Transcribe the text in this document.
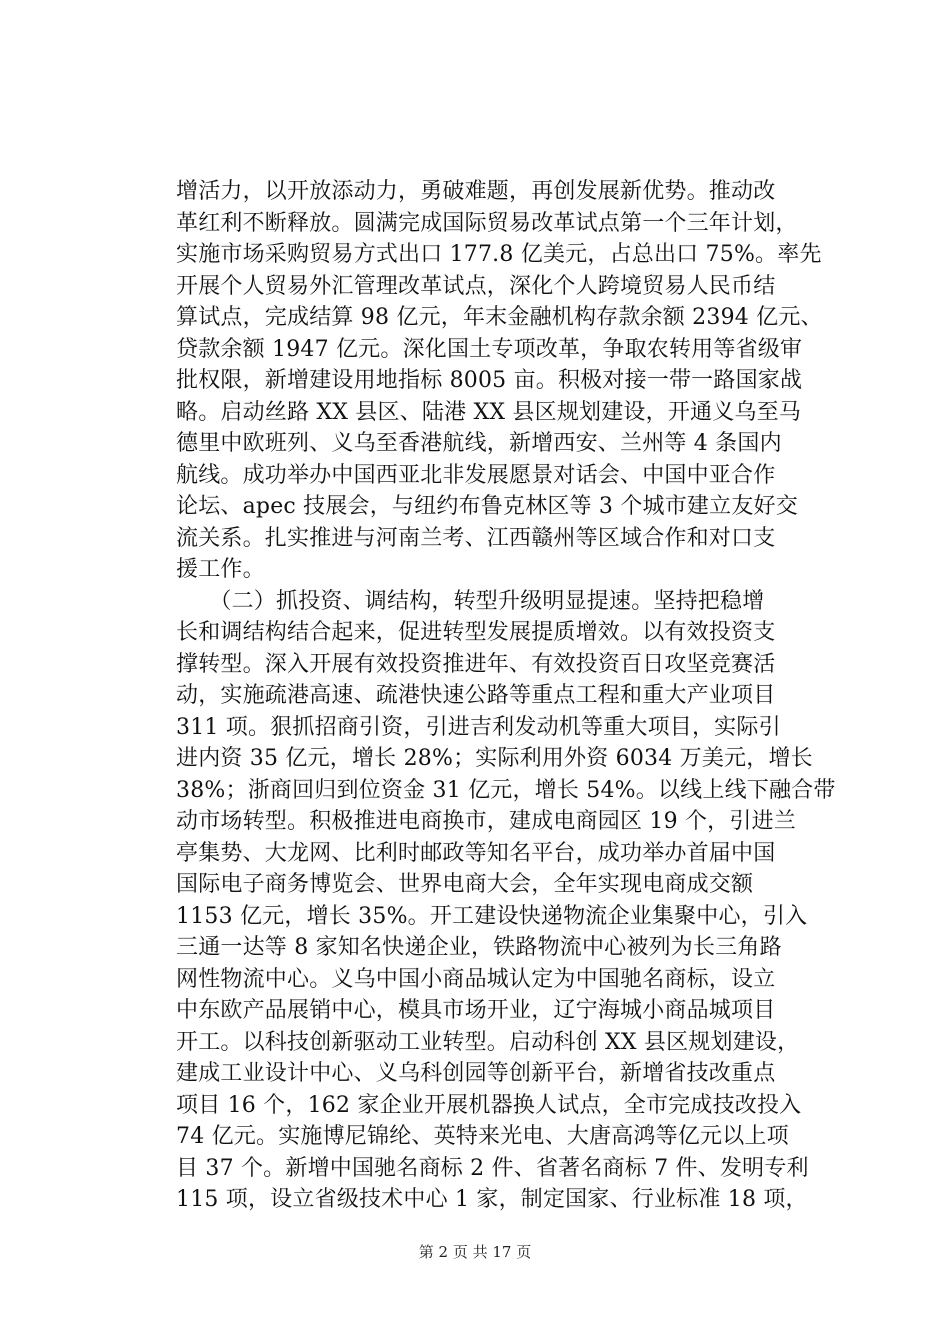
增活力，以开放添动力，勇破难题，再创发展新优势。推动改
革红利不断释放。圆满完成国际贸易改革试点第一个三年计划，
实施市场采购贸易方式出口 177.8 亿美元，占总出口 75%。率先
开展个人贸易外汇管理改革试点，深化个人跨境贸易人民币结
算试点，完成结算 98 亿元，年末金融机构存款余额 2394 亿元、
贷款余额 1947 亿元。深化国土专项改革，争取农转用等省级审
批权限，新增建设用地指标 8005 亩。积极对接一带一路国家战
略。启动丝路 XX 县区、陆港 XX 县区规划建设，开通义乌至马
德里中欧班列、义乌至香港航线，新增西安、兰州等 4 条国内
航线。成功举办中国西亚北非发展愿景对话会、中国中亚合作
论坛、apec 技展会，与纽约布鲁克林区等 3 个城市建立友好交
流关系。扎实推进与河南兰考、江西赣州等区域合作和对口支
援工作。
　　（二）抓投资、调结构，转型升级明显提速。坚持把稳增
长和调结构结合起来，促进转型发展提质增效。以有效投资支
撑转型。深入开展有效投资推进年、有效投资百日攻坚竞赛活
动，实施疏港高速、疏港快速公路等重点工程和重大产业项目
311 项。狠抓招商引资，引进吉利发动机等重大项目，实际引
进内资 35 亿元，增长 28%；实际利用外资 6034 万美元，增长
38%；浙商回归到位资金 31 亿元，增长 54%。以线上线下融合带
动市场转型。积极推进电商换市，建成电商园区 19 个，引进兰
亭集势、大龙网、比利时邮政等知名平台，成功举办首届中国
国际电子商务博览会、世界电商大会，全年实现电商成交额
1153 亿元，增长 35%。开工建设快递物流企业集聚中心，引入
三通一达等 8 家知名快递企业，铁路物流中心被列为长三角路
网性物流中心。义乌中国小商品城认定为中国驰名商标，设立
中东欧产品展销中心，模具市场开业，辽宁海城小商品城项目
开工。以科技创新驱动工业转型。启动科创 XX 县区规划建设，
建成工业设计中心、义乌科创园等创新平台，新增省技改重点
项目 16 个，162 家企业开展机器换人试点，全市完成技改投入
74 亿元。实施博尼锦纶、英特来光电、大唐高鸿等亿元以上项
目 37 个。新增中国驰名商标 2 件、省著名商标 7 件、发明专利
115 项，设立省级技术中心 1 家，制定国家、行业标准 18 项，
第 2 页 共 17 页
